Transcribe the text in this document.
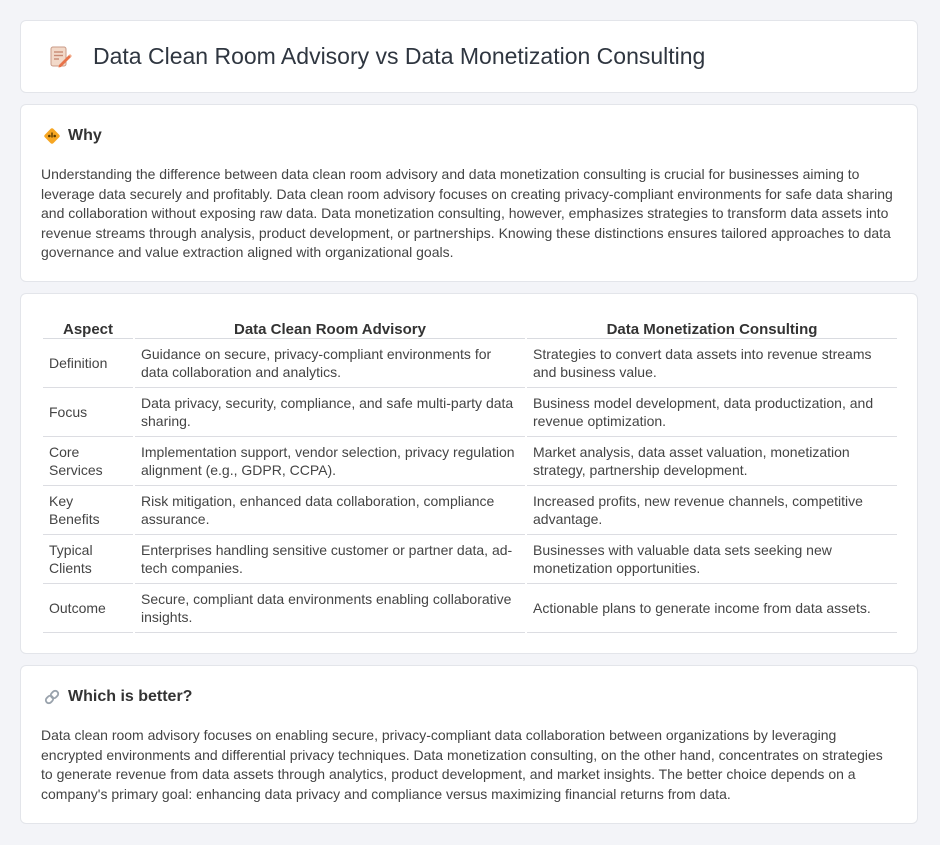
Data Clean Room Advisory vs Data Monetization Consulting
Why

Understanding the difference between data clean room advisory and data monetization consulting is crucial for businesses aiming to leverage data securely and profitably. Data clean room advisory focuses on creating privacy-compliant environments for safe data sharing and collaboration without exposing raw data. Data monetization consulting, however, emphasizes strategies to transform data assets into revenue streams through analysis, product development, or partnerships. Knowing these distinctions ensures tailored approaches to data governance and value extraction aligned with organizational goals.

Aspect	Data Clean Room Advisory	Data Monetization Consulting
Definition	Guidance on secure, privacy-compliant environments for data collaboration and analytics.	Strategies to convert data assets into revenue streams and business value.
Focus	Data privacy, security, compliance, and safe multi-party data sharing.	Business model development, data productization, and revenue optimization.
Core Services	Implementation support, vendor selection, privacy regulation alignment (e.g., GDPR, CCPA).	Market analysis, data asset valuation, monetization strategy, partnership development.
Key Benefits	Risk mitigation, enhanced data collaboration, compliance assurance.	Increased profits, new revenue channels, competitive advantage.
Typical Clients	Enterprises handling sensitive customer or partner data, ad-tech companies.	Businesses with valuable data sets seeking new monetization opportunities.
Outcome	Secure, compliant data environments enabling collaborative insights.	Actionable plans to generate income from data assets.
Which is better?

Data clean room advisory focuses on enabling secure, privacy-compliant data collaboration between organizations by leveraging encrypted environments and differential privacy techniques. Data monetization consulting, on the other hand, concentrates on strategies to generate revenue from data assets through analytics, product development, and market insights. The better choice depends on a company's primary goal: enhancing data privacy and compliance versus maximizing financial returns from data.
